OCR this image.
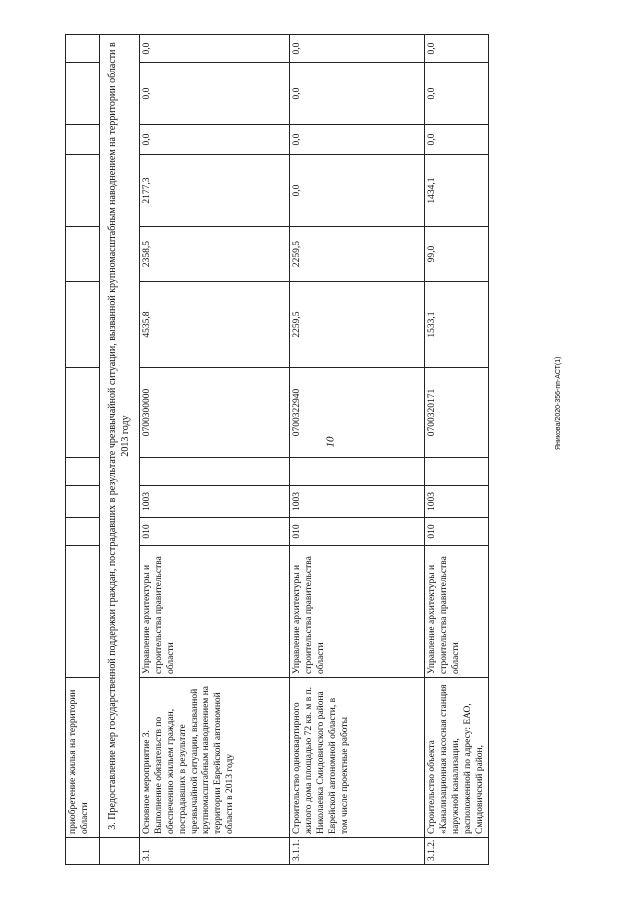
10	Яниковa/2020-356-пп-АСТ(1)
	приобретение жилья на территории области											
	3. Предоставление мер государственной поддержки граждан, пострадавших в результате чрезвычайной ситуации, вызванной крупномасштабным наводнением на территории области в 2013 году											
3.1	Основное мероприятие 3. Выполнение обязательств по обеспечению жильем граждан, пострадавших в результате чрезвычайной ситуации, вызванной крупномасштабным наводнением на территории Еврейской автономной области в 2013 году	Управление архитектуры и строительства правительства области	010	1003		0700300000	4535,8	2358,5	2177,3	0,0	0,0	0,0
3.1.1.	Строительство одноквартирного жилого дома площадью 72 кв. м в п. Николаевка Смидовичского района Еврейской автономной области, в том числе проектные работы	Управление архитектуры и строительства правительства области	010	1003		0700322940	2259,5	2259,5	0,0	0,0	0,0	0,0
3.1.2.	Строительство объекта «Канализационная насосная станция наружной канализации, расположенной по адресу: ЕАО, Смидовичский район,	Управление архитектуры и строительства правительства области	010	1003		0700320171	1533,1	99,0	1434,1	0,0	0,0	0,0
